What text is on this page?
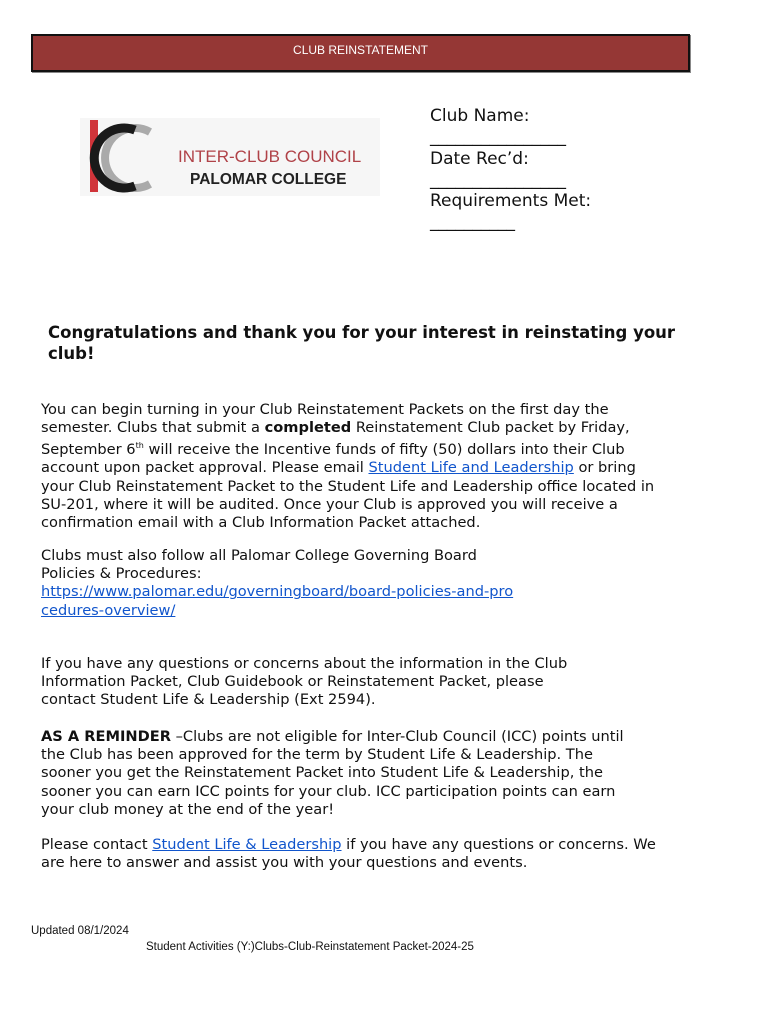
CLUB REINSTATEMENT
INTER-CLUB COUNCIL
PALOMAR COLLEGE
Club Name:
________________
Date Rec’d:
________________
Requirements Met:
__________
Congratulations and thank you for your interest in reinstating your club!
You can begin turning in your Club Reinstatement Packets on the first day the semester. Clubs that submit a completed Reinstatement Club packet by Friday, September 6th will receive the Incentive funds of fifty (50) dollars into their Club account upon packet approval. Please email Student Life and Leadership or bring your Club Reinstatement Packet to the Student Life and Leadership office located in SU-201, where it will be audited. Once your Club is approved you will receive a confirmation email with a Club Information Packet attached.
Clubs must also follow all Palomar College Governing Board Policies & Procedures:
https://www.palomar.edu/governingboard/board-policies-and-procedures-overview/
If you have any questions or concerns about the information in the Club Information Packet, Club Guidebook or Reinstatement Packet, please contact Student Life & Leadership (Ext 2594).
AS A REMINDER –Clubs are not eligible for Inter-Club Council (ICC) points until the Club has been approved for the term by Student Life & Leadership. The sooner you get the Reinstatement Packet into Student Life & Leadership, the sooner you can earn ICC points for your club. ICC participation points can earn your club money at the end of the year!
Please contact Student Life & Leadership if you have any questions or concerns. We are here to answer and assist you with your questions and events.
Updated 08/1/2024
Student Activities (Y:)Clubs-Club-Reinstatement Packet-2024-25
